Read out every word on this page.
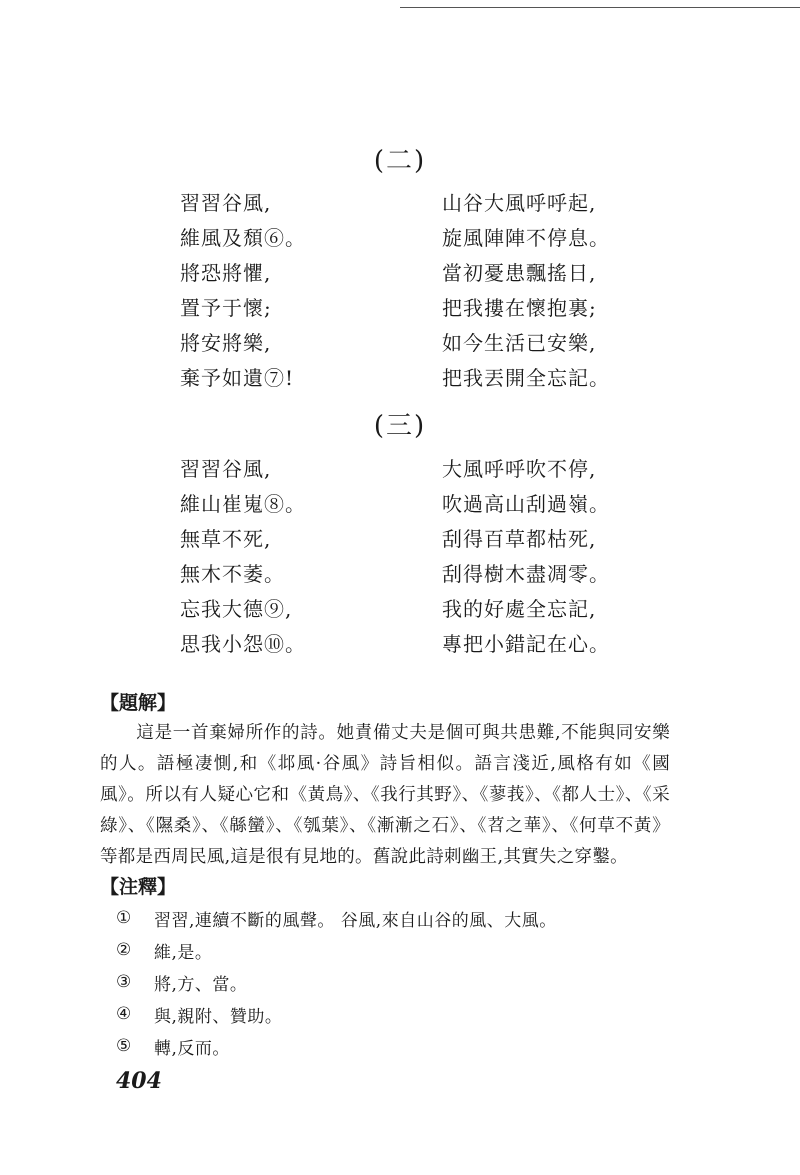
(二)
習習谷風,	山谷大風呼呼起,
維風及頹⑥。	旋風陣陣不停息。
將恐將懼,	當初憂患飄搖日,
置予于懷;	把我摟在懷抱裏;
將安將樂,	如今生活已安樂,
棄予如遺⑦!	把我丟開全忘記。
(三)
習習谷風,	大風呼呼吹不停,
維山崔嵬⑧。	吹過高山刮過嶺。
無草不死,	刮得百草都枯死,
無木不萎。	刮得樹木盡凋零。
忘我大德⑨,	我的好處全忘記,
思我小怨⑩。	專把小錯記在心。
【題解】
這是一首棄婦所作的詩。她責備丈夫是個可與共患難,不能與同安樂的人。語極凄惻,和《邶風·谷風》詩旨相似。語言淺近,風格有如《國風》。所以有人疑心它和《黃鳥》、《我行其野》、《蓼莪》、《都人士》、《采綠》、《隰桑》、《緜蠻》、《瓠葉》、《漸漸之石》、《苕之華》、《何草不黃》等都是西周民風,這是很有見地的。舊說此詩刺幽王,其實失之穿鑿。
【注釋】
①	習習,連續不斷的風聲。 谷風,來自山谷的風、大風。
②	維,是。
③	將,方、當。
④	與,親附、贊助。
⑤	轉,反而。
404
